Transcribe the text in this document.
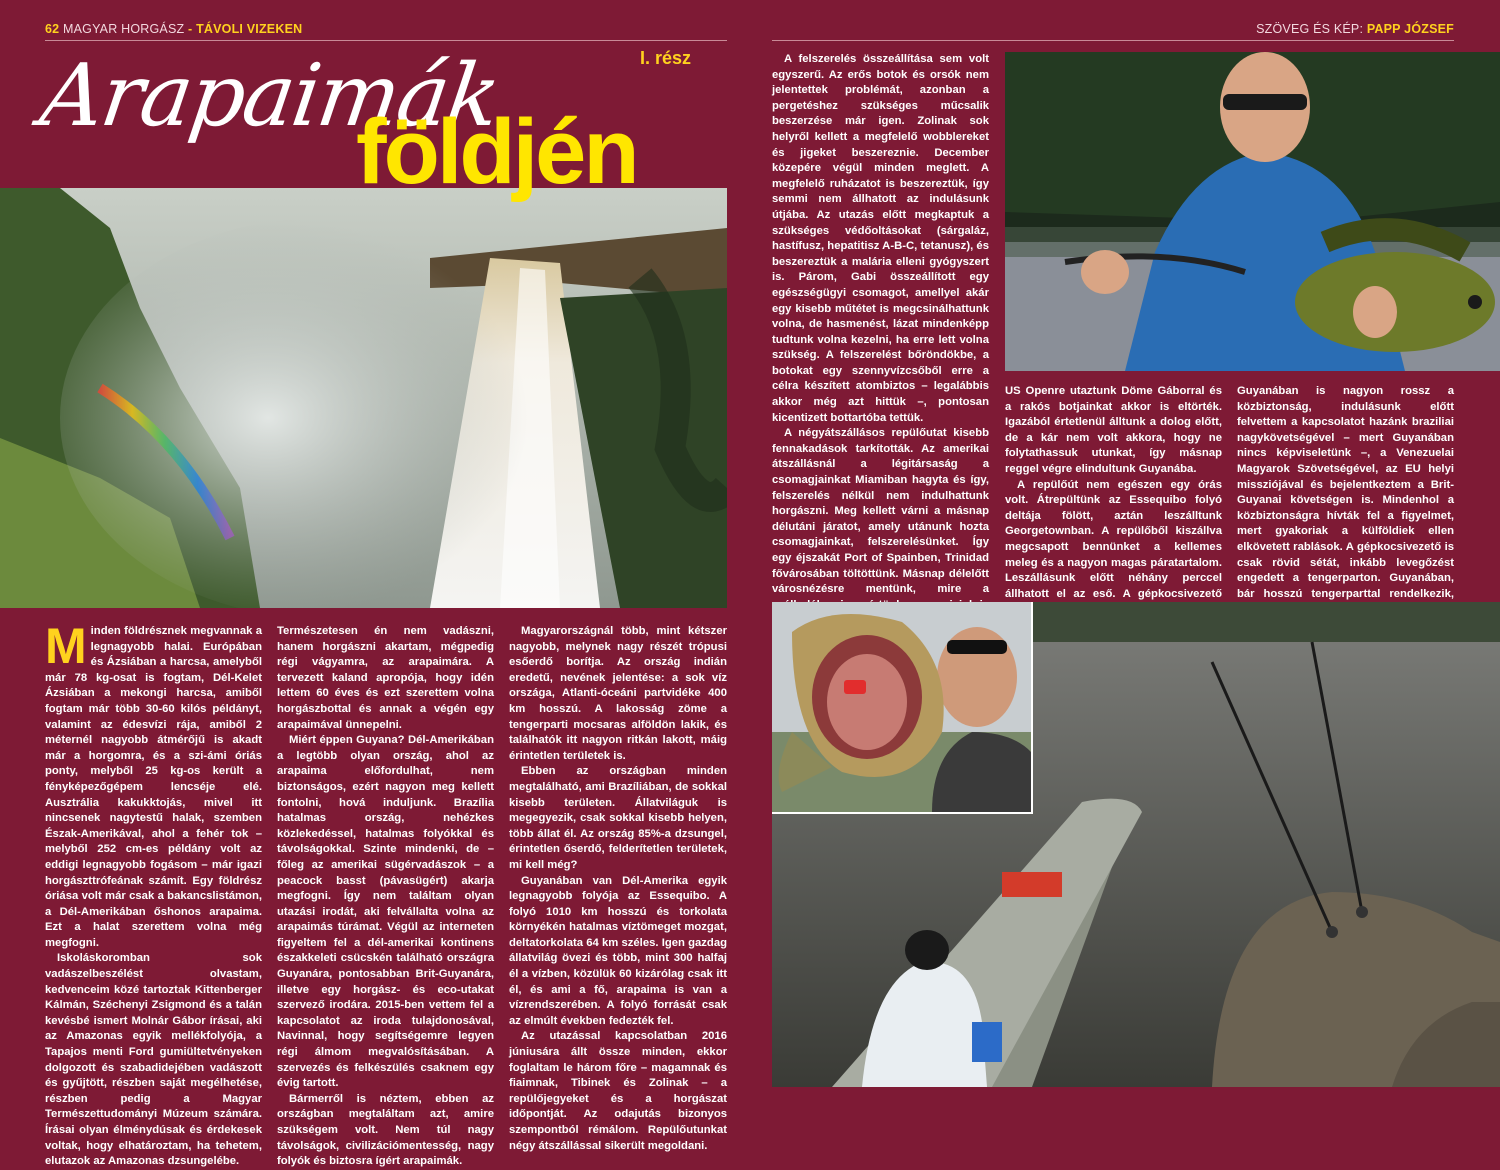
62 MAGYAR HORGÁSZ - TÁVOLI VIZEKEN	SZÖVEG ÉS KÉP: PAPP JÓZSEF
Arapaimák
földjén
I. rész

Minden földrésznek megvannak a legnagyobb halai. Európában és Ázsiában a harcsa, amelyből már 78 kg-osat is fogtam, Dél-Kelet Ázsiában a mekongi harcsa, amiből fogtam már több 30-60 kilós példányt, valamint az édesvízi rája, amiből 2 méternél nagyobb átmérőjű is akadt már a horgomra, és a szi-ámi óriás ponty, melyből 25 kg-os került a fényképezőgépem lencséje elé. Ausztrália kakukktojás, mivel itt nincsenek nagytestű halak, szemben Észak-Amerikával, ahol a fehér tok – melyből 252 cm-es példány volt az eddigi legnagyobb fogásom – már igazi horgászttrófeának számít. Egy földrész óriása volt már csak a bakancslistámon, a Dél-Amerikában őshonos arapaima. Ezt a halat szerettem volna még megfogni.

Iskoláskoromban sok vadászelbeszélést olvastam, kedvenceim közé tartoztak Kittenberger Kálmán, Széchenyi Zsigmond és a talán kevésbé ismert Molnár Gábor írásai, aki az Amazonas egyik mellékfolyója, a Tapajos menti Ford gumiültetvényeken dolgozott és szabadidejében vadászott és gyűjtött, részben saját megélhetése, részben pedig a Magyar Természettudományi Múzeum számára. Írásai olyan élménydúsak és érdekesek voltak, hogy elhatároztam, ha tehetem, elutazok az Amazonas dzsungelébe.

Természetesen én nem vadászni, hanem horgászni akartam, mégpedig régi vágyamra, az arapaimára. A tervezett kaland apropója, hogy idén lettem 60 éves és ezt szerettem volna horgászbottal és annak a végén egy arapaimával ünnepelni.

Miért éppen Guyana? Dél-Amerikában a legtöbb olyan ország, ahol az arapaima előfordulhat, nem biztonságos, ezért nagyon meg kellett fontolni, hová induljunk. Brazília hatalmas ország, nehézkes közlekedéssel, hatalmas folyókkal és távolságokkal. Szinte mindenki, de – főleg az amerikai sügérvadászok – a peacock basst (pávasügért) akarja megfogni. Így nem találtam olyan utazási irodát, aki felvállalta volna az arapaimás túrámat. Végül az interneten figyeltem fel a dél-amerikai kontinens északkeleti csücskén található országra Guyanára, pontosabban Brit-Guyanára, illetve egy horgász- és eco-utakat szervező irodára. 2015-ben vettem fel a kapcsolatot az iroda tulajdonosával, Navinnal, hogy segítségemre legyen régi álmom megvalósításában. A szervezés és felkészülés csaknem egy évig tartott.

Bármerről is néztem, ebben az országban megtaláltam azt, amire szükségem volt. Nem túl nagy távolságok, civilizációmentesség, nagy folyók és biztosra ígért arapaimák.

Magyarországnál több, mint kétszer nagyobb, melynek nagy részét trópusi esőerdő borítja. Az ország indián eredetű, nevének jelentése: a sok víz országa, Atlanti-óceáni partvidéke 400 km hosszú. A lakosság zöme a tengerparti mocsaras alföldön lakik, és találhatók itt nagyon ritkán lakott, máig érintetlen területek is.

Ebben az országban minden megtalálható, ami Brazíliában, de sokkal kisebb területen. Állatviláguk is megegyezik, csak sokkal kisebb helyen, több állat él. Az ország 85%-a dzsungel, érintetlen őserdő, felderítetlen területek, mi kell még?

Guyanában van Dél-Amerika egyik legnagyobb folyója az Essequibo. A folyó 1010 km hosszú és torkolata környékén hatalmas víztömeget mozgat, deltatorkolata 64 km széles. Igen gazdag állatvilág övezi és több, mint 300 halfaj él a vízben, közülük 60 kizárólag csak itt él, és ami a fő, arapaima is van a vízrendszerében. A folyó forrását csak az elmúlt években fedezték fel.

Az utazással kapcsolatban 2016 júniusára állt össze minden, ekkor foglaltam le három főre – magamnak és fiaimnak, Tibinek és Zolinak – a repülőjegyeket és a horgászat időpontját. Az odajutás bizonyos szempontból rémálom. Repülőutunkat négy átszállással sikerült megoldani.

A felszerelés összeállítása sem volt egyszerű. Az erős botok és orsók nem jelentettek problémát, azonban a pergetéshez szükséges műcsalik beszerzése már igen. Zolinak sok helyről kellett a megfelelő wobblereket és jigeket beszereznie. December közepére végül minden meglett. A megfelelő ruházatot is beszereztük, így semmi nem állhatott az indulásunk útjába. Az utazás előtt megkaptuk a szükséges védőoltásokat (sárgaláz, hastífusz, hepatitisz A-B-C, tetanusz), és beszereztük a malária elleni gyógyszert is. Párom, Gabi összeállított egy egészségügyi csomagot, amellyel akár egy kisebb műtétet is megcsinálhattunk volna, de hasmenést, lázat mindenképp tudtunk volna kezelni, ha erre lett volna szükség. A felszerelést bőröndökbe, a botokat egy szennyvízcsőből erre a célra készített atombiztos – legalábbis akkor még azt hittük –, pontosan kicentizett bottartóba tettük.

A négyátszállásos repülőutat kisebb fennakadások tarkították. Az amerikai átszállásnál a légitársaság a csomagjainkat Miamiban hagyta és így, felszerelés nélkül nem indulhattunk horgászni. Meg kellett várni a másnap délutáni járatot, amely utánunk hozta csomagjainkat, felszerelésünket. Így egy éjszakát Port of Spainben, Trinidad fővárosában töltöttünk. Másnap délelőtt városnézésre mentünk, mire a

US Openre utaztunk Döme Gáborral és a rakós botjainkat akkor is eltörték. Igazából értetlenül álltunk a dolog előtt, de a kár nem volt akkora, hogy ne folytathassuk utunkat, így másnap reggel végre elindultunk Guyanába.

A repülőút nem egészen egy órás volt. Átrepültünk az Essequibo folyó deltája fölött, aztán leszálltunk Georgetownban. A repülőből kiszállva megcsapott bennünket a kellemes meleg és a nagyon magas páratartalom. Leszállásunk előtt néhány perccel állhatott el az eső. A gépkocsivezető

Guyanában is nagyon rossz a közbiztonság, indulásunk előtt felvettem a kapcsolatot hazánk braziliai nagykövetségével – mert Guyanában nincs képviseletünk –, a Venezuelai Magyarok Szövetségével, az EU helyi missziójával és bejelentkeztem a Brit-Guyanai követségen is. Mindenhol a közbiztonságra hívták fel a figyelmet, mert gyakoriak a külföldiek ellen elkövetett rablások. A gépkocsivezető is csak rövid sétát, inkább levegőzést engedett a tengerparton. Guyanában, bár hosszú tengerparttal rendelkezik,
